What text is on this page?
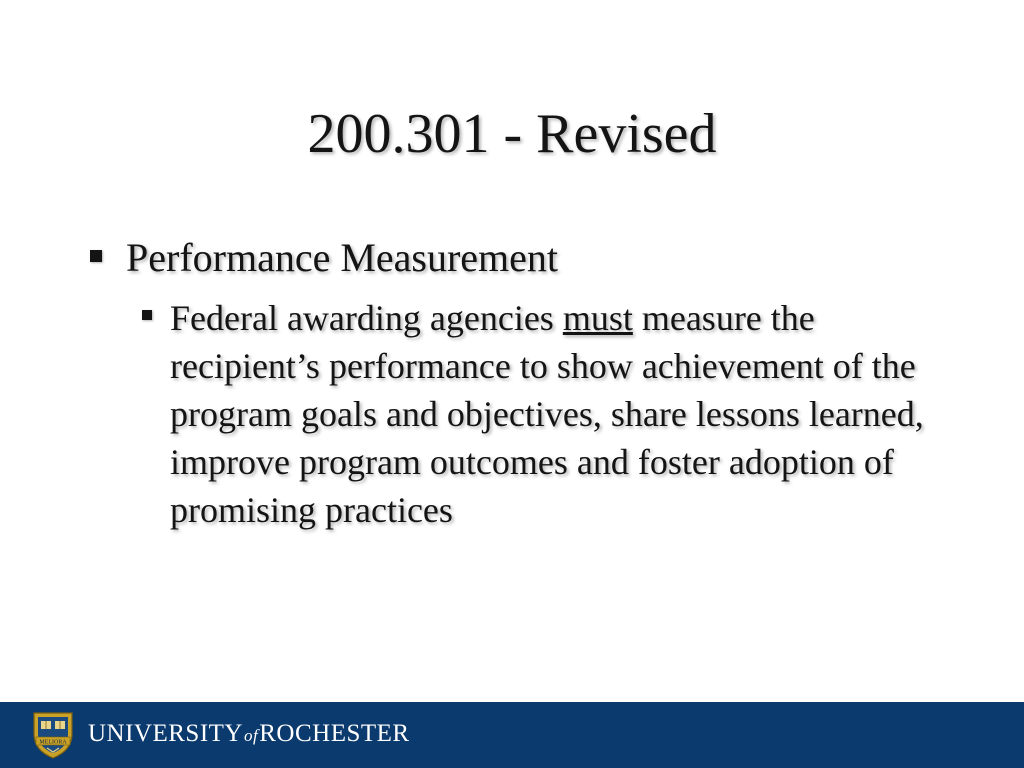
200.301 - Revised
Performance Measurement
Federal awarding agencies must measure the recipient’s performance to show achievement of the program goals and objectives, share lessons learned, improve program outcomes and foster adoption of promising practices
MELIORA UNIVERSITYofROCHESTER
